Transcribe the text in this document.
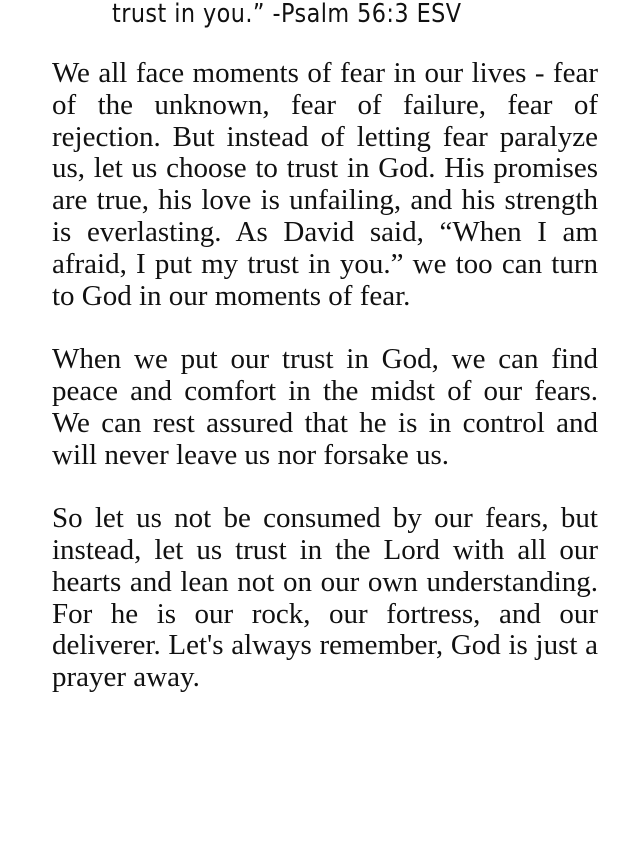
trust in you.” -Psalm 56:3 ESV

We all face moments of fear in our lives - fear of the unknown, fear of failure, fear of rejection. But instead of letting fear paralyze us, let us choose to trust in God. His promises are true, his love is unfailing, and his strength is everlasting. As David said, “When I am afraid, I put my trust in you.” we too can turn to God in our moments of fear.

When we put our trust in God, we can find peace and comfort in the midst of our fears. We can rest assured that he is in control and will never leave us nor forsake us.

So let us not be consumed by our fears, but instead, let us trust in the Lord with all our hearts and lean not on our own understanding. For he is our rock, our fortress, and our deliverer. Let's always remember, God is just a prayer away.
